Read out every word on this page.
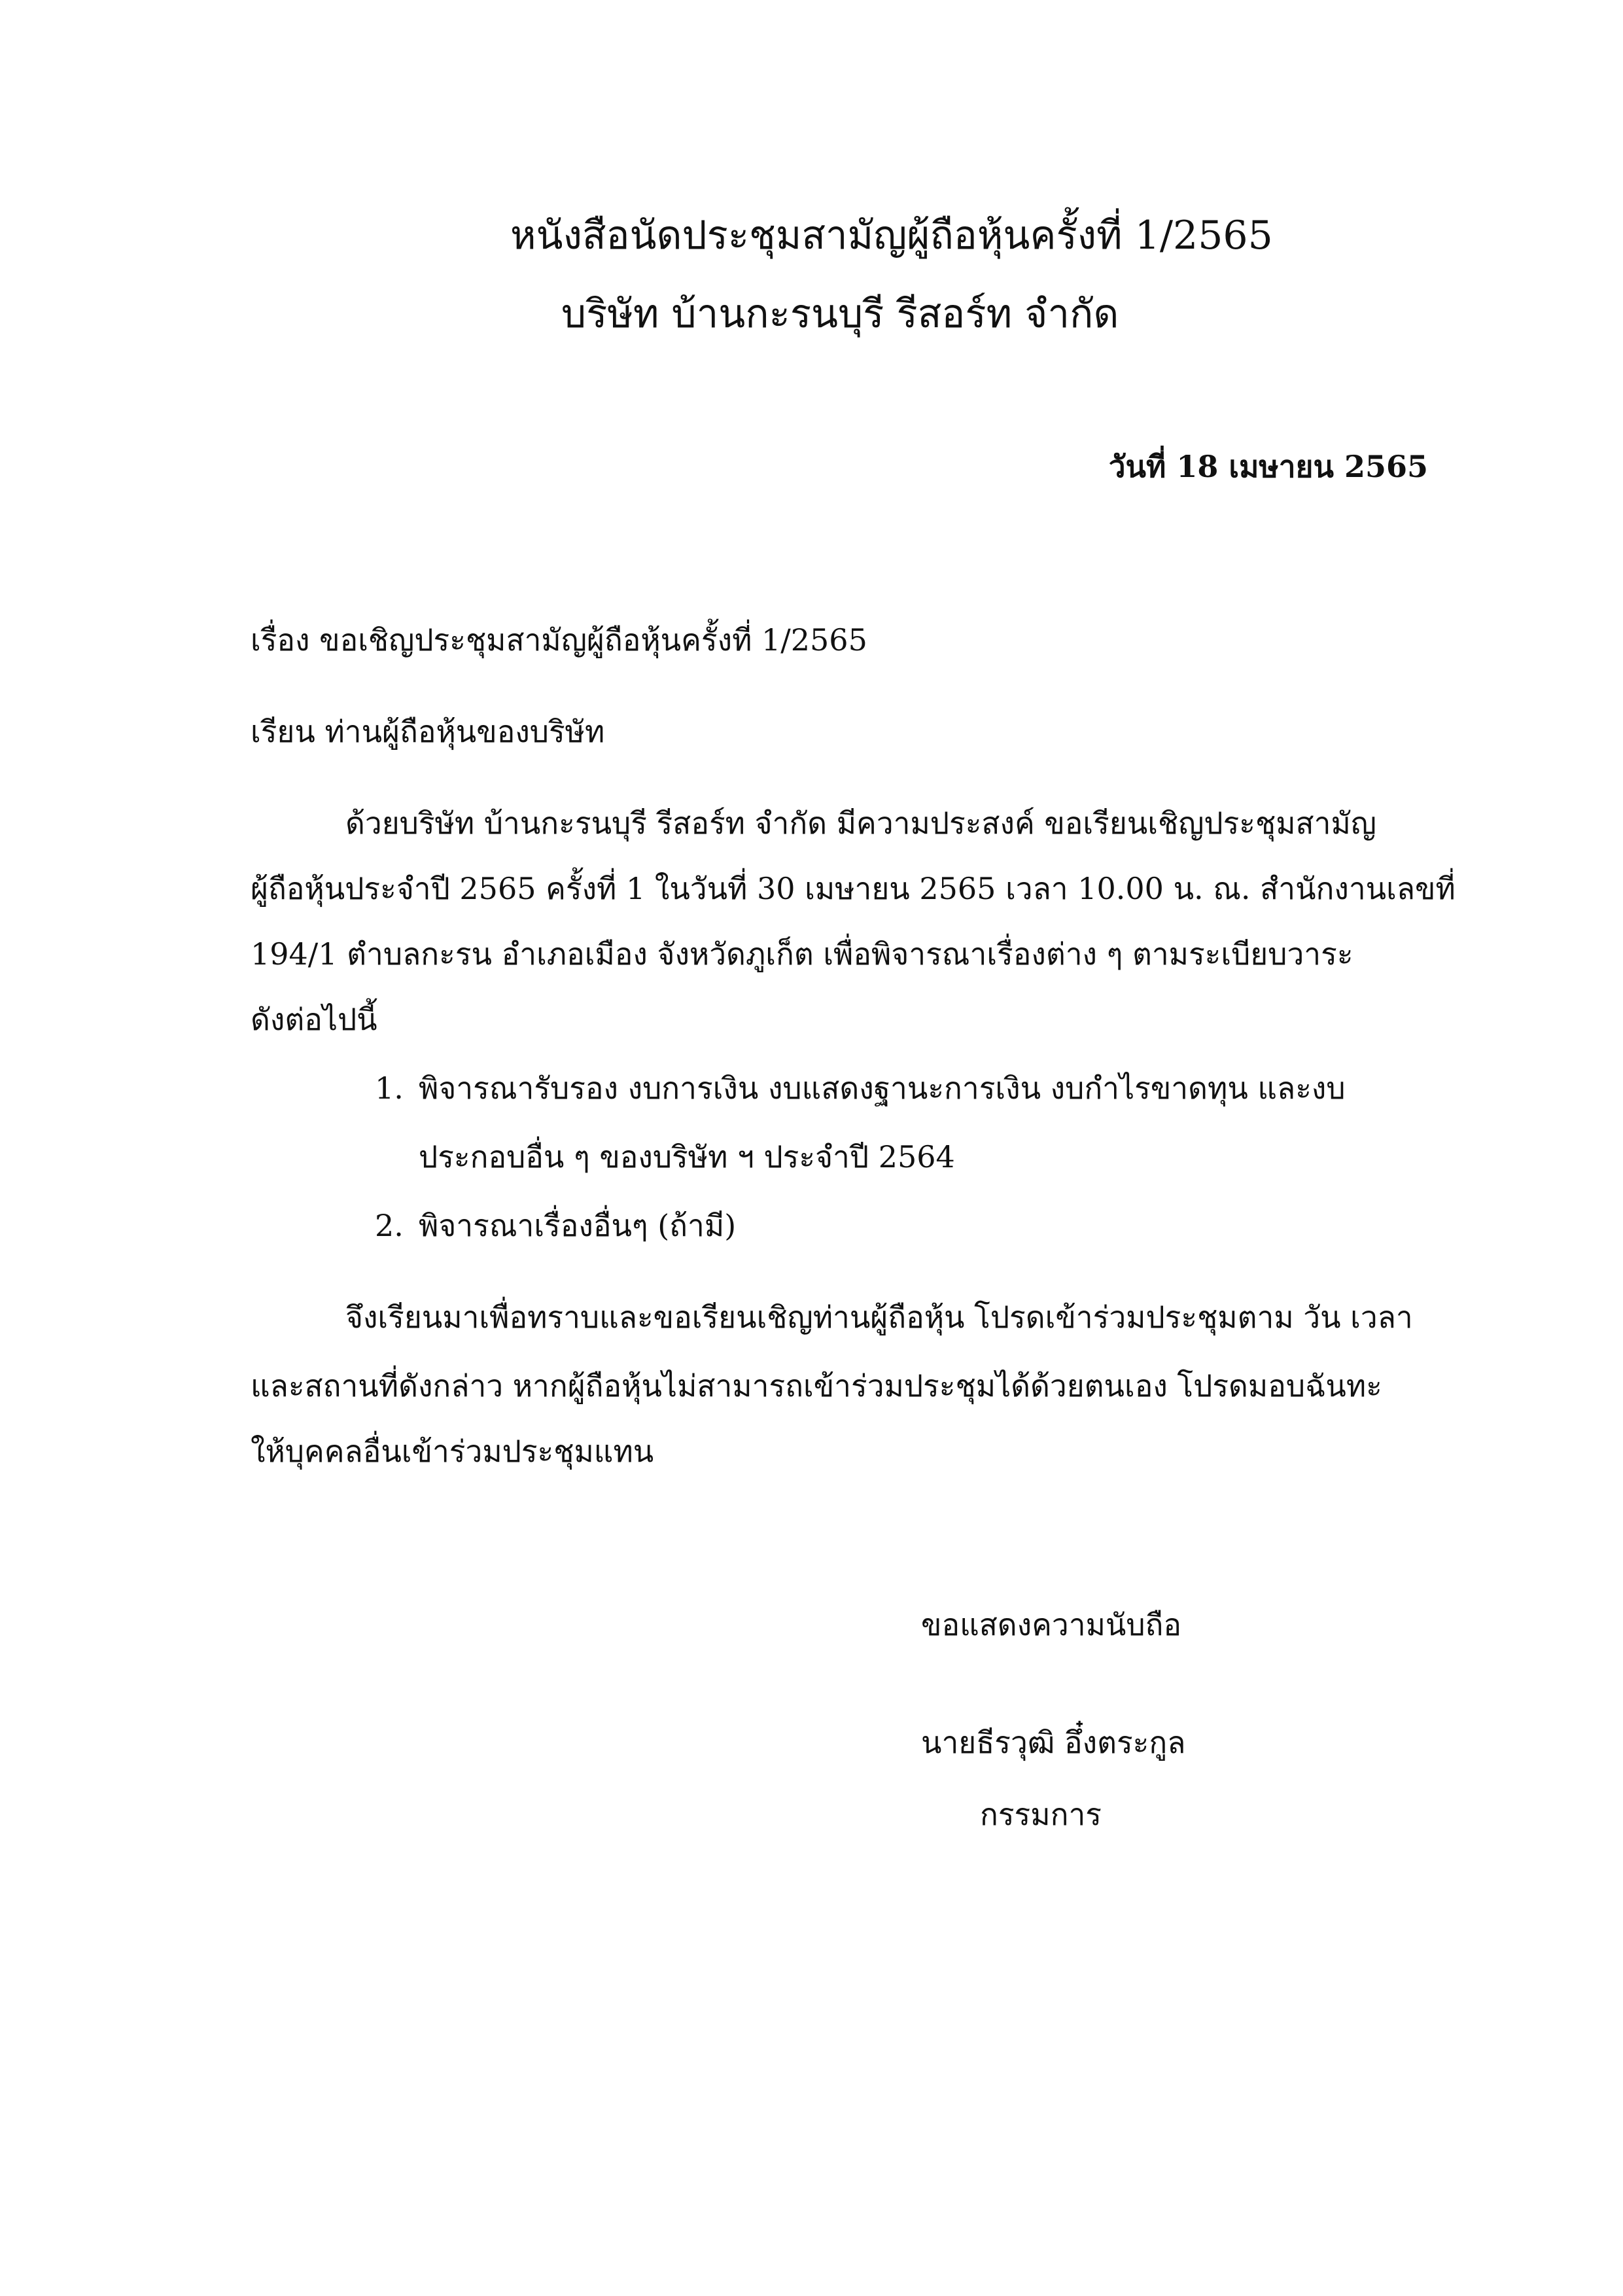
หนังสือนัดประชุมสามัญผู้ถือหุ้นครั้งที่ 1/2565
บริษัท บ้านกะรนบุรี รีสอร์ท จำกัด
วันที่ 18 เมษายน 2565
เรื่อง ขอเชิญประชุมสามัญผู้ถือหุ้นครั้งที่ 1/2565
เรียน ท่านผู้ถือหุ้นของบริษัท
ด้วยบริษัท บ้านกะรนบุรี รีสอร์ท จำกัด มีความประสงค์ ขอเรียนเชิญประชุมสามัญ
ผู้ถือหุ้นประจำปี 2565 ครั้งที่ 1 ในวันที่ 30 เมษายน 2565 เวลา 10.00 น. ณ. สำนักงานเลขที่
194/1 ตำบลกะรน อำเภอเมือง จังหวัดภูเก็ต เพื่อพิจารณาเรื่องต่าง ๆ ตามระเบียบวาระ
ดังต่อไปนี้
1. พิจารณารับรอง งบการเงิน งบแสดงฐานะการเงิน งบกำไรขาดทุน และงบ
ประกอบอื่น ๆ ของบริษัท ฯ ประจำปี 2564
2. พิจารณาเรื่องอื่นๆ (ถ้ามี)
จึงเรียนมาเพื่อทราบและขอเรียนเชิญท่านผู้ถือหุ้น โปรดเข้าร่วมประชุมตาม วัน เวลา
และสถานที่ดังกล่าว หากผู้ถือหุ้นไม่สามารถเข้าร่วมประชุมได้ด้วยตนเอง โปรดมอบฉันทะ
ให้บุคคลอื่นเข้าร่วมประชุมแทน
ขอแสดงความนับถือ
นายธีรวุฒิ อึ๋งตระกูล
กรรมการ
